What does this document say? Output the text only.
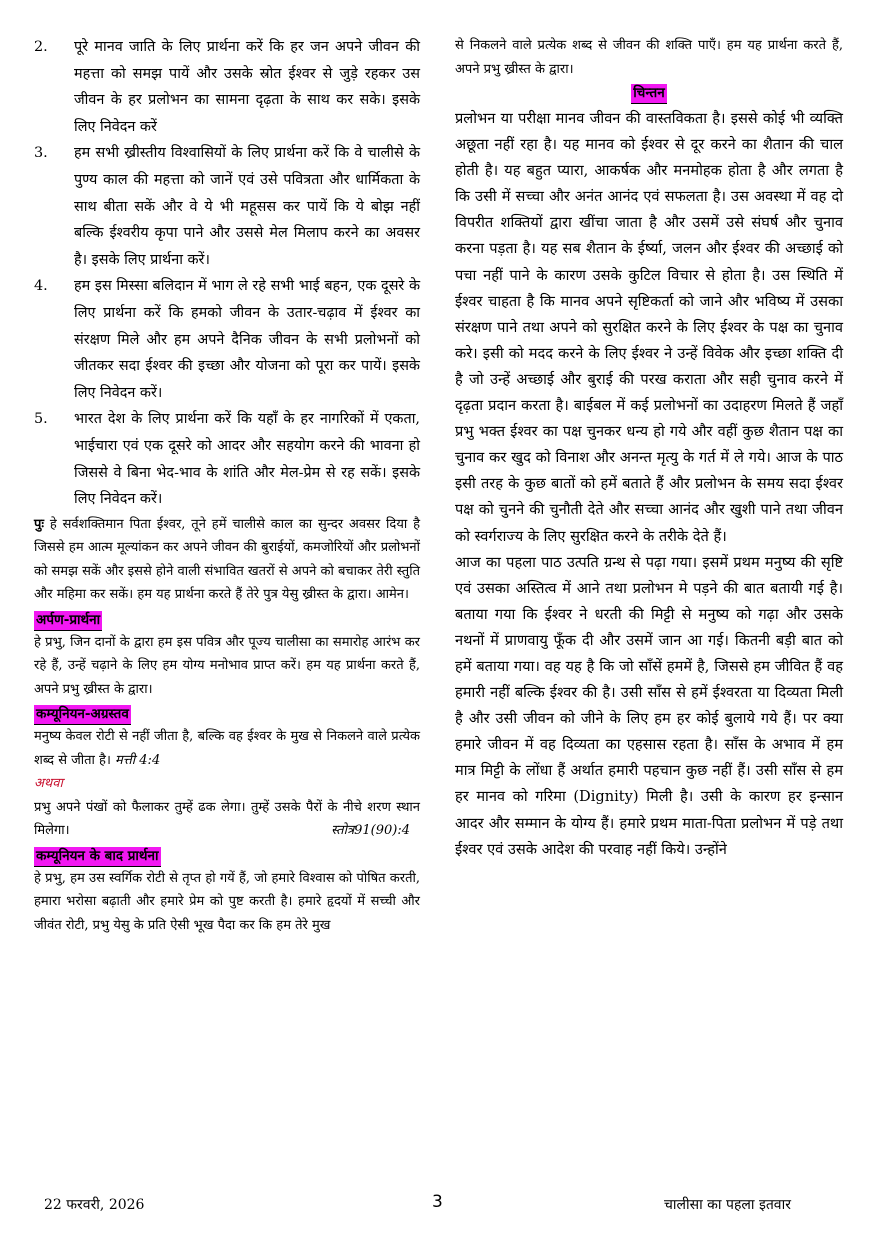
2.	पूरे मानव जाति के लिए प्रार्थना करें कि हर जन अपने जीवन की महत्ता को समझ पायें और उसके स्रोत ईश्वर से जुड़े रहकर उस जीवन के हर प्रलोभन का सामना दृढ़ता के साथ कर सके। इसके लिए निवेदन करें
3.	हम सभी ख्रीस्तीय विश्वासियों के लिए प्रार्थना करें कि वे चालीसे के पुण्य काल की महत्ता को जानें एवं उसे पवित्रता और धार्मिकता के साथ बीता सकें और वे ये भी महूसस कर पायें कि ये बोझ नहीं बल्कि ईश्वरीय कृपा पाने और उससे मेल मिलाप करने का अवसर है। इसके लिए प्रार्थना करें।
4.	हम इस मिस्सा बलिदान में भाग ले रहे सभी भाई बहन, एक दूसरे के लिए प्रार्थना करें कि हमको जीवन के उतार-चढ़ाव में ईश्वर का संरक्षण मिले और हम अपने दैनिक जीवन के सभी प्रलोभनों को जीतकर सदा ईश्वर की इच्छा और योजना को पूरा कर पायें। इसके लिए निवेदन करें।
5.	भारत देश के लिए प्रार्थना करें कि यहाँ के हर नागरिकों में एकता, भाईचारा एवं एक दूसरे को आदर और सहयोग करने की भावना हो जिससे वे बिना भेद-भाव के शांति और मेल-प्रेम से रह सकें। इसके लिए निवेदन करें।

पुः हे सर्वशक्तिमान पिता ईश्वर, तूने हमें चालीसे काल का सुन्दर अवसर दिया है जिससे हम आत्म मूल्यांकन कर अपने जीवन की बुराईयों, कमजोरियों और प्रलोभनों को समझ सकें और इससे होने वाली संभावित खतरों से अपने को बचाकर तेरी स्तुति और महिमा कर सकें। हम यह प्रार्थना करते हैं तेरे पुत्र येसु ख्रीस्त के द्वारा। आमेन।

अर्पण-प्रार्थना

हे प्रभु, जिन दानों के द्वारा हम इस पवित्र और पूज्य चालीसा का समारोह आरंभ कर रहे हैं, उन्हें चढ़ाने के लिए हम योग्य मनोभाव प्राप्त करें। हम यह प्रार्थना करते हैं, अपने प्रभु ख्रीस्त के द्वारा।

कम्यूनियन-अग्रस्तव

मनुष्य केवल रोटी से नहीं जीता है, बल्कि वह ईश्वर के मुख से निकलने वाले प्रत्येक शब्द से जीता है। मत्ती 4:4

अथवा

प्रभु अपने पंखों को फैलाकर तुम्हें ढक लेगा। तुम्हें उसके पैरों के नीचे शरण स्थान मिलेगा।	स्तोत्र91(90):4

कम्यूनियन के बाद प्रार्थना

हे प्रभु, हम उस स्वर्गिक रोटी से तृप्त हो गयें हैं, जो हमारे विश्वास को पोषित करती, हमारा भरोसा बढ़ाती और हमारे प्रेम को पुष्ट करती है। हमारे हृदयों में सच्ची और जीवंत रोटी, प्रभु येसु के प्रति ऐसी भूख पैदा कर कि हम तेरे मुख

से निकलने वाले प्रत्येक शब्द से जीवन की शक्ति पाएँ। हम यह प्रार्थना करते हैं, अपने प्रभु ख्रीस्त के द्वारा।

चिन्तन

प्रलोभन या परीक्षा मानव जीवन की वास्तविकता है। इससे कोई भी व्यक्ति अछूता नहीं रहा है। यह मानव को ईश्वर से दूर करने का शैतान की चाल होती है। यह बहुत प्यारा, आकर्षक और मनमोहक होता है और लगता है कि उसी में सच्चा और अनंत आनंद एवं सफलता है। उस अवस्था में वह दो विपरीत शक्तियों द्वारा खींचा जाता है और उसमें उसे संघर्ष और चुनाव करना पड़ता है। यह सब शैतान के ईर्ष्या, जलन और ईश्वर की अच्छाई को पचा नहीं पाने के कारण उसके कुटिल विचार से होता है। उस स्थिति में ईश्वर चाहता है कि मानव अपने सृष्टिकर्ता को जाने और भविष्य में उसका संरक्षण पाने तथा अपने को सुरक्षित करने के लिए ईश्वर के पक्ष का चुनाव करे। इसी को मदद करने के लिए ईश्वर ने उन्हें विवेक और इच्छा शक्ति दी है जो उन्हें अच्छाई और बुराई की परख कराता और सही चुनाव करने में दृढ़ता प्रदान करता है। बाईबल में कई प्रलोभनों का उदाहरण मिलते हैं जहाँ प्रभु भक्त ईश्वर का पक्ष चुनकर धन्य हो गये और वहीं कुछ शैतान पक्ष का चुनाव कर खुद को विनाश और अनन्त मृत्यु के गर्त में ले गये। आज के पाठ इसी तरह के कुछ बातों को हमें बताते हैं और प्रलोभन के समय सदा ईश्वर पक्ष को चुनने की चुनौती देते और सच्चा आनंद और खुशी पाने तथा जीवन को स्वर्गराज्य के लिए सुरक्षित करने के तरीके देते हैं।

आज का पहला पाठ उत्पति ग्रन्थ से पढ़ा गया। इसमें प्रथम मनुष्य की सृष्टि एवं उसका अस्तित्व में आने तथा प्रलोभन मे पड़ने की बात बतायी गई है। बताया गया कि ईश्वर ने धरती की मिट्टी से मनुष्य को गढ़ा और उसके नथनों में प्राणवायु फूँक दी और उसमें जान आ गई। कितनी बड़ी बात को हमें बताया गया। वह यह है कि जो साँसें हममें है, जिससे हम जीवित हैं वह हमारी नहीं बल्कि ईश्वर की है। उसी साँस से हमें ईश्वरता या दिव्यता मिली है और उसी जीवन को जीने के लिए हम हर कोई बुलाये गये हैं। पर क्या हमारे जीवन में वह दिव्यता का एहसास रहता है। साँस के अभाव में हम मात्र मिट्टी के लोंधा हैं अर्थात हमारी पहचान कुछ नहीं हैं। उसी साँस से हम हर मानव को गरिमा (Dignity) मिली है। उसी के कारण हर इन्सान आदर और सम्मान के योग्य हैं। हमारे प्रथम माता-पिता प्रलोभन में पड़े तथा ईश्वर एवं उसके आदेश की परवाह नहीं किये। उन्होंने

22 फरवरी, 2026	3	चालीसा का पहला इतवार
